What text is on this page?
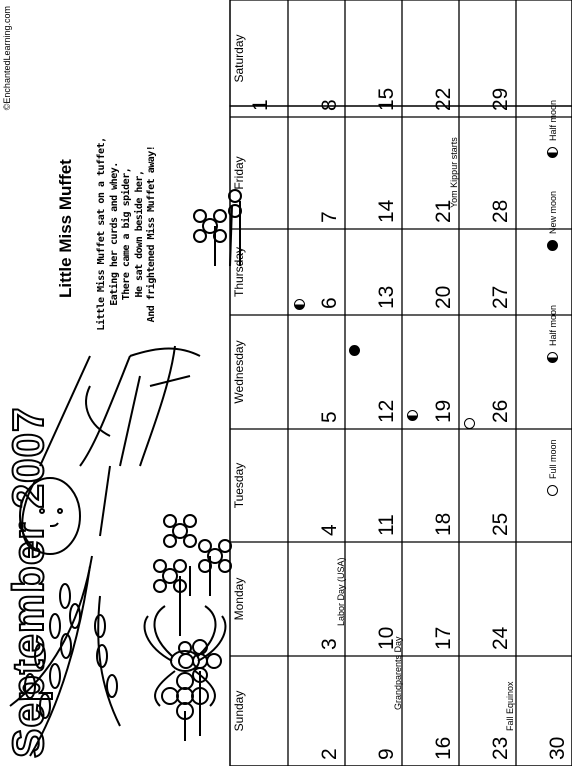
September 2007
©EnchantedLearning.com
Little Miss Muffet Little Miss Muffet sat on a tuffet, Eating her curds and whey. There came a big spider, He sat down beside her, And frightened Miss Muffet away!
Sunday
Monday
Tuesday
Wednesday
Thursday
Friday
Saturday
1
2
3
4
5
6
7
8
9
10
11
12
13
14
15
16
17
18
19
20
21
22
23
24
25
26
27
28
29
30
Labor Day (USA)
Grandparents Day	Fall Equinox
Yom Kippur starts
Full moon
Half moon
New moon
Half moon
